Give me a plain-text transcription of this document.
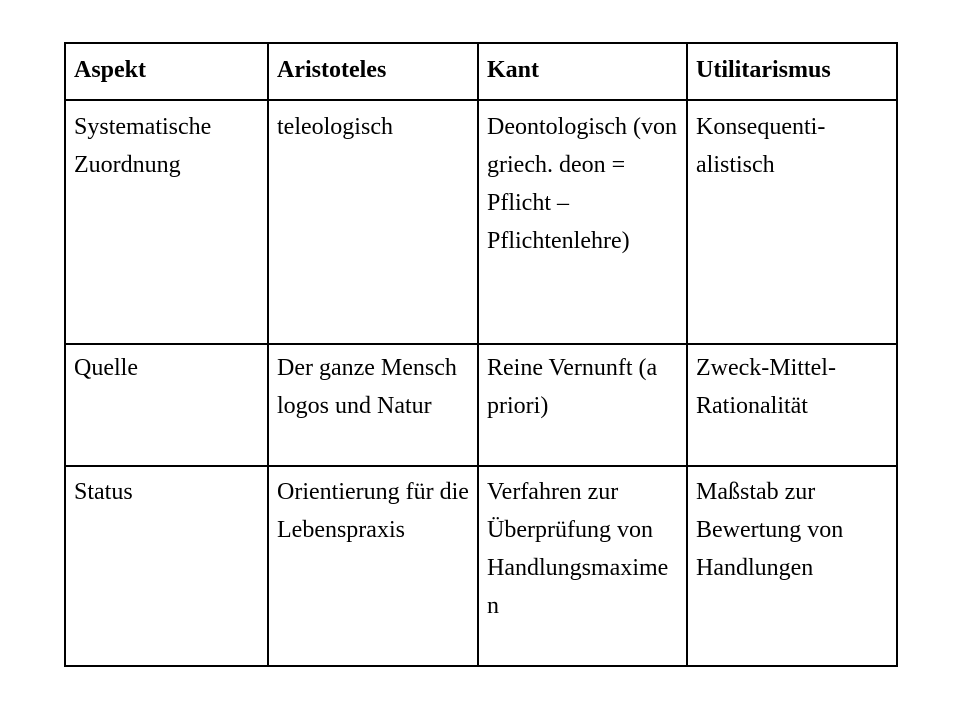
Aspekt	Aristoteles	Kant	Utilitarismus

Systematische Zuordnung	teleologisch	Deontologisch (von griech. deon = Pflicht – Pflichtenlehre)	Konsequenti-
alistisch

Quelle	Der ganze Mensch logos und Natur	Reine Vernunft (a priori)	Zweck-Mittel-
Rationalität

Status	Orientierung für die Lebenspraxis	Verfahren zur Überprüfung von Handlungsmaximen	Maßstab zur Bewertung von Handlungen
